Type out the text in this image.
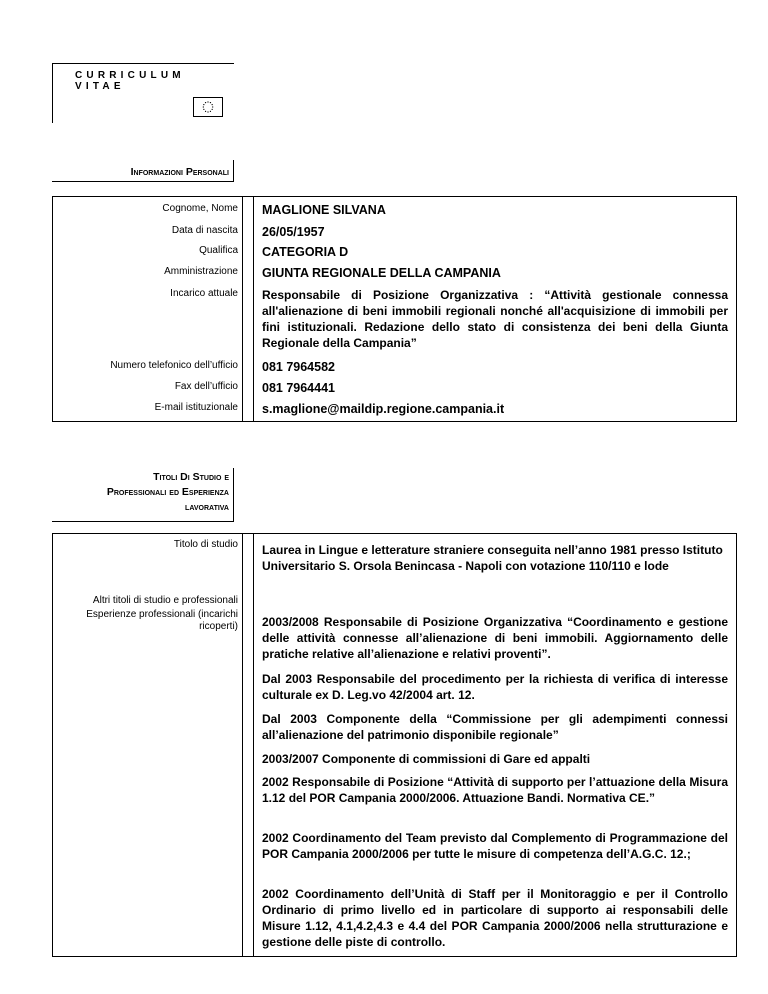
CURRICULUM VITAE
Informazioni Personali
Cognome, Nome MAGLIONE SILVANA
Data di nascita 26/05/1957
Qualifica CATEGORIA D
Amministrazione GIUNTA REGIONALE DELLA CAMPANIA
Incarico attuale Responsabile di Posizione Organizzativa : “Attività gestionale connessa all'alienazione di beni immobili regionali nonché all'acquisizione di immobili per fini istituzionali. Redazione dello stato di consistenza dei beni della Giunta Regionale della Campania”
Numero telefonico dell’ufficio 081 7964582
Fax dell’ufficio 081 7964441
E-mail istituzionale s.maglione@maildip.regione.campania.it
Titoli Di Studio e
Professionali ed Esperienza
lavorativa
Titolo di studio Laurea in Lingue e letterature straniere conseguita nell’anno 1981 presso Istituto Universitario S. Orsola Benincasa - Napoli con votazione 110/110 e lode
Altri titoli di studio e professionali
Esperienze professionali (incarichi ricoperti) 2003/2008 Responsabile di Posizione Organizzativa “Coordinamento e gestione delle attività connesse all’alienazione di beni immobili. Aggiornamento delle pratiche relative all’alienazione e relativi proventi”.
Dal 2003 Responsabile del procedimento per la richiesta di verifica di interesse culturale ex D. Leg.vo 42/2004 art. 12.
Dal 2003 Componente della “Commissione per gli adempimenti connessi all’alienazione del patrimonio disponibile regionale”
2003/2007 Componente di commissioni di Gare ed appalti
2002 Responsabile di Posizione “Attività di supporto per l’attuazione della Misura 1.12 del POR Campania 2000/2006. Attuazione Bandi. Normativa CE.”
2002 Coordinamento del Team previsto dal Complemento di Programmazione del POR Campania 2000/2006 per tutte le misure di competenza dell’A.G.C. 12.;
2002 Coordinamento dell’Unità di Staff per il Monitoraggio e per il Controllo Ordinario di primo livello ed in particolare di supporto ai responsabili delle Misure 1.12, 4.1,4.2,4.3 e 4.4 del POR Campania 2000/2006 nella strutturazione e gestione delle piste di controllo.
